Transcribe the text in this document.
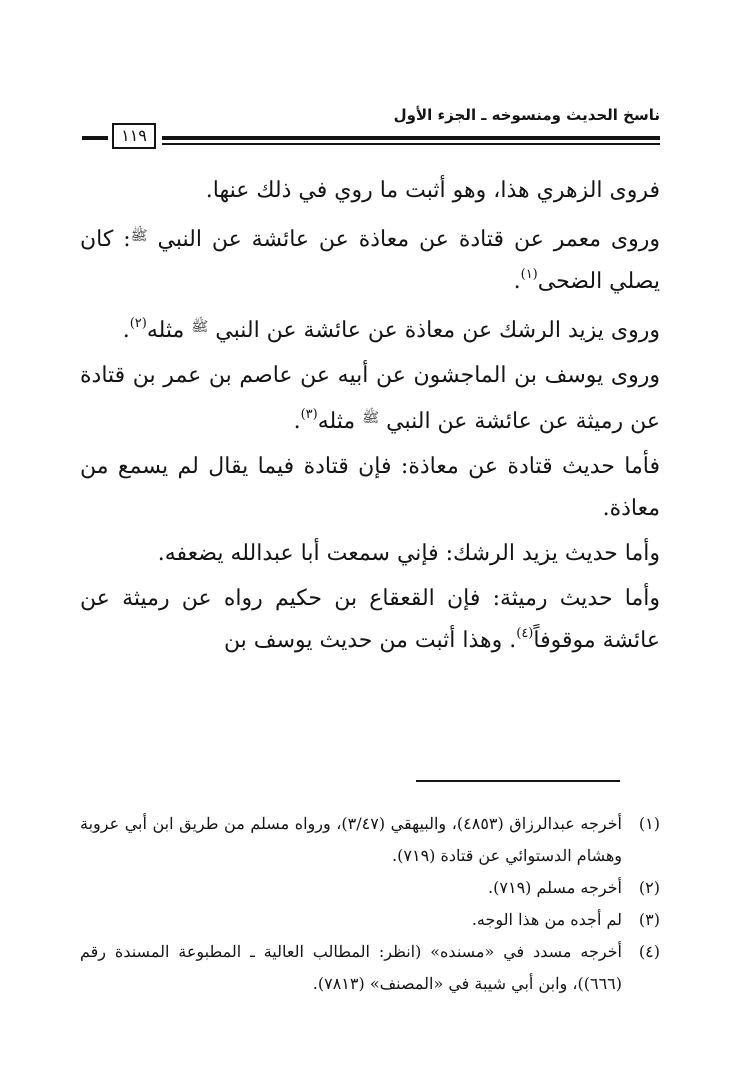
ناسخ الحديث ومنسوخه ـ الجزء الأول
١١٩

فروى الزهري هذا، وهو أثبت ما روي في ذلك عنها.

وروى معمر عن قتادة عن معاذة عن عائشة عن النبي $^ﷺ$: كان يصلي الضحى$^{(١)}$.

وروى يزيد الرشك عن معاذة عن عائشة عن النبي $^ﷺ$ مثله$^{(٢)}$.

وروى يوسف بن الماجشون عن أبيه عن عاصم بن عمر بن قتادة عن رميثة عن عائشة عن النبي $^ﷺ$ مثله$^{(٣)}$.

فأما حديث قتادة عن معاذة: فإن قتادة فيما يقال لم يسمع من معاذة.

وأما حديث يزيد الرشك: فإني سمعت أبا عبدالله يضعفه.

وأما حديث رميثة: فإن القعقاع بن حكيم رواه عن رميثة عن عائشة موقوفاً$^{(٤)}$. وهذا أثبت من حديث يوسف بن

(١)
أخرجه عبدالرزاق (٤٨٥٣)، والبيهقي (٣/٤٧)، ورواه مسلم من طريق ابن أبي عروبة وهشام الدستوائي عن قتادة (٧١٩).
(٢)
أخرجه مسلم (٧١٩).
(٣)
لم أجده من هذا الوجه.
(٤)
أخرجه مسدد في «مسنده» (انظر: المطالب العالية ـ المطبوعة المسندة رقم (٦٦٦))، وابن أبي شيبة في «المصنف» (٧٨١٣).
